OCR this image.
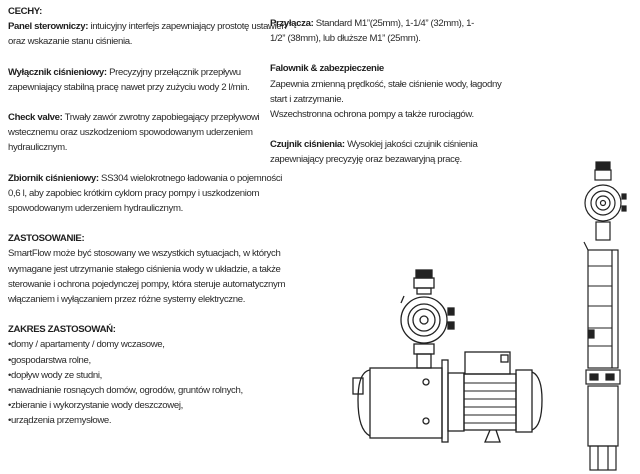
CECHY:

Panel sterowniczy: intuicyjny interfejs zapewniający prostotę ustawień oraz wskazanie stanu ciśnienia.

Wyłącznik ciśnieniowy: Precyzyjny przełącznik przepływu zapewniający stabilną pracę nawet przy zużyciu wody 2 l/min.

Check valve: Trwały zawór zwrotny zapobiegający przepływowi wstecznemu oraz uszkodzeniom spowodowanym uderzeniem hydraulicznym.

Zbiornik ciśnieniowy: SS304 wielokrotnego ładowania o pojemności 0,6 l, aby zapobiec krótkim cyklom pracy pompy i uszkodzeniom spowodowanym uderzeniem hydraulicznym.

ZASTOSOWANIE:

SmartFlow może być stosowany we wszystkich sytuacjach, w których wymagane jest utrzymanie stałego ciśnienia wody w układzie, a także sterowanie i ochrona pojedynczej pompy, która steruje automatycznym włączaniem i wyłączaniem przez różne systemy elektryczne.

ZAKRES ZASTOSOWAŃ:
• domy / apartamenty / domy wczasowe,
• gospodarstwa rolne,
• dopływ wody ze studni,
• nawadnianie rosnących domów, ogrodów, gruntów rolnych,
• zbieranie i wykorzystanie wody deszczowej,
• urządzenia przemysłowe.

Przyłącza: Standard M1”(25mm), 1-1/4” (32mm), 1-1/2” (38mm), lub dłuższe M1” (25mm).

Falownik & zabezpieczenie

Zapewnia zmienną prędkość, stałe ciśnienie wody, łagodny start i zatrzymanie.

Wszechstronna ochrona pompy a także rurociągów.

Czujnik ciśnienia: Wysokiej jakości czujnik ciśnienia zapewniający precyzyję oraz bezawaryjną pracę.
